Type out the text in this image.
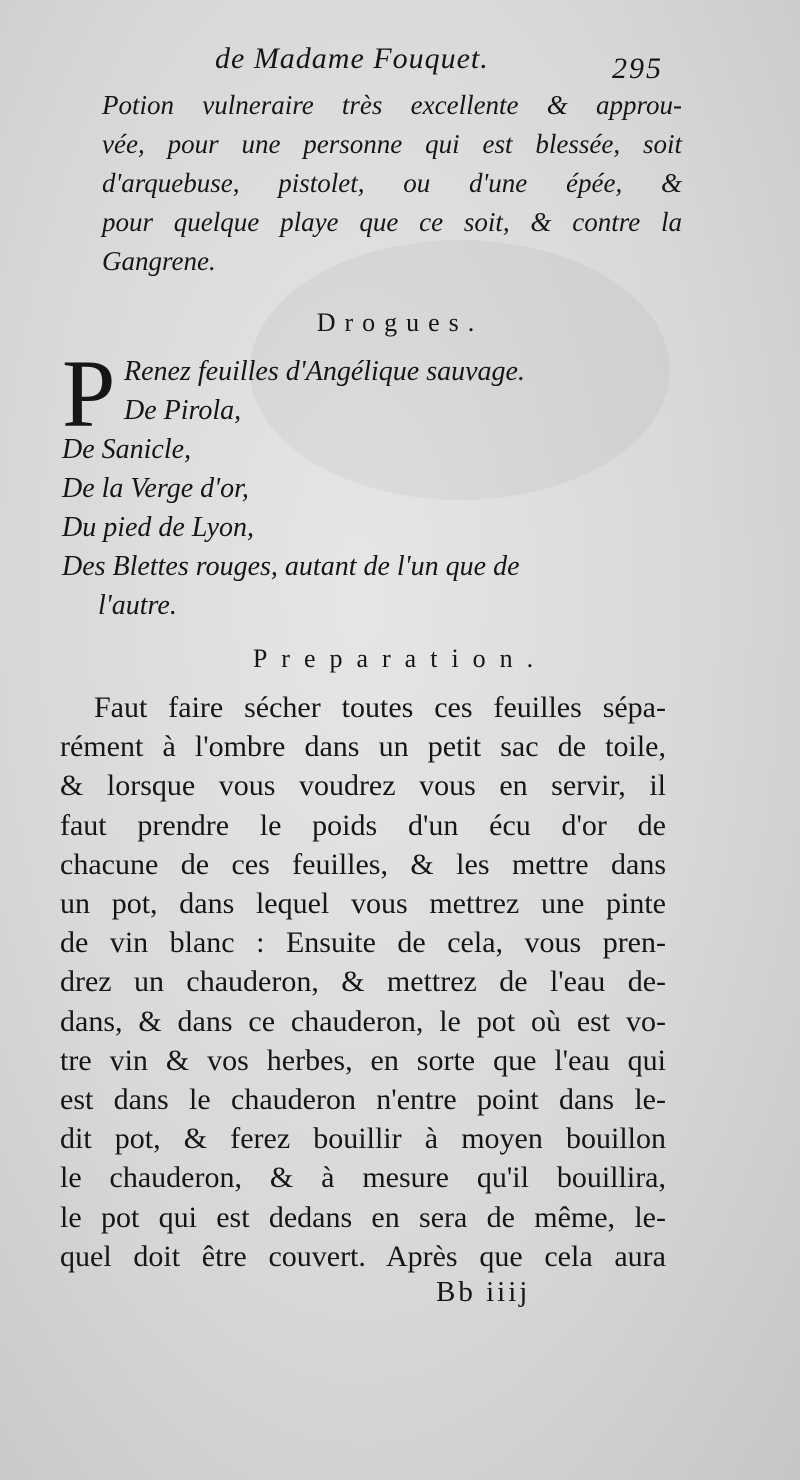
de Madame Fouquet.	295
Potion vulneraire très excellente & approu-
vée, pour une personne qui est blessée, soit
d'arquebuse, pistolet, ou d'une épée, &
pour quelque playe que ce soit, & contre la
Gangrene.
Drogues.
P Renez feuilles d'Angélique sauvage.
De Pirola,
De Sanicle,
De la Verge d'or,
Du pied de Lyon,
Des Blettes rouges, autant de l'un que de
l'autre.
Preparation.
Faut faire sécher toutes ces feuilles sépa-
rément à l'ombre dans un petit sac de toile,
& lorsque vous voudrez vous en servir, il
faut prendre le poids d'un écu d'or de
chacune de ces feuilles, & les mettre dans
un pot, dans lequel vous mettrez une pinte
de vin blanc : Ensuite de cela, vous pren-
drez un chauderon, & mettrez de l'eau de-
dans, & dans ce chauderon, le pot où est vo-
tre vin & vos herbes, en sorte que l'eau qui
est dans le chauderon n'entre point dans le-
dit pot, & ferez bouillir à moyen bouillon
le chauderon, & à mesure qu'il bouillira,
le pot qui est dedans en sera de même, le-
quel doit être couvert. Après que cela aura
Bb iiij
